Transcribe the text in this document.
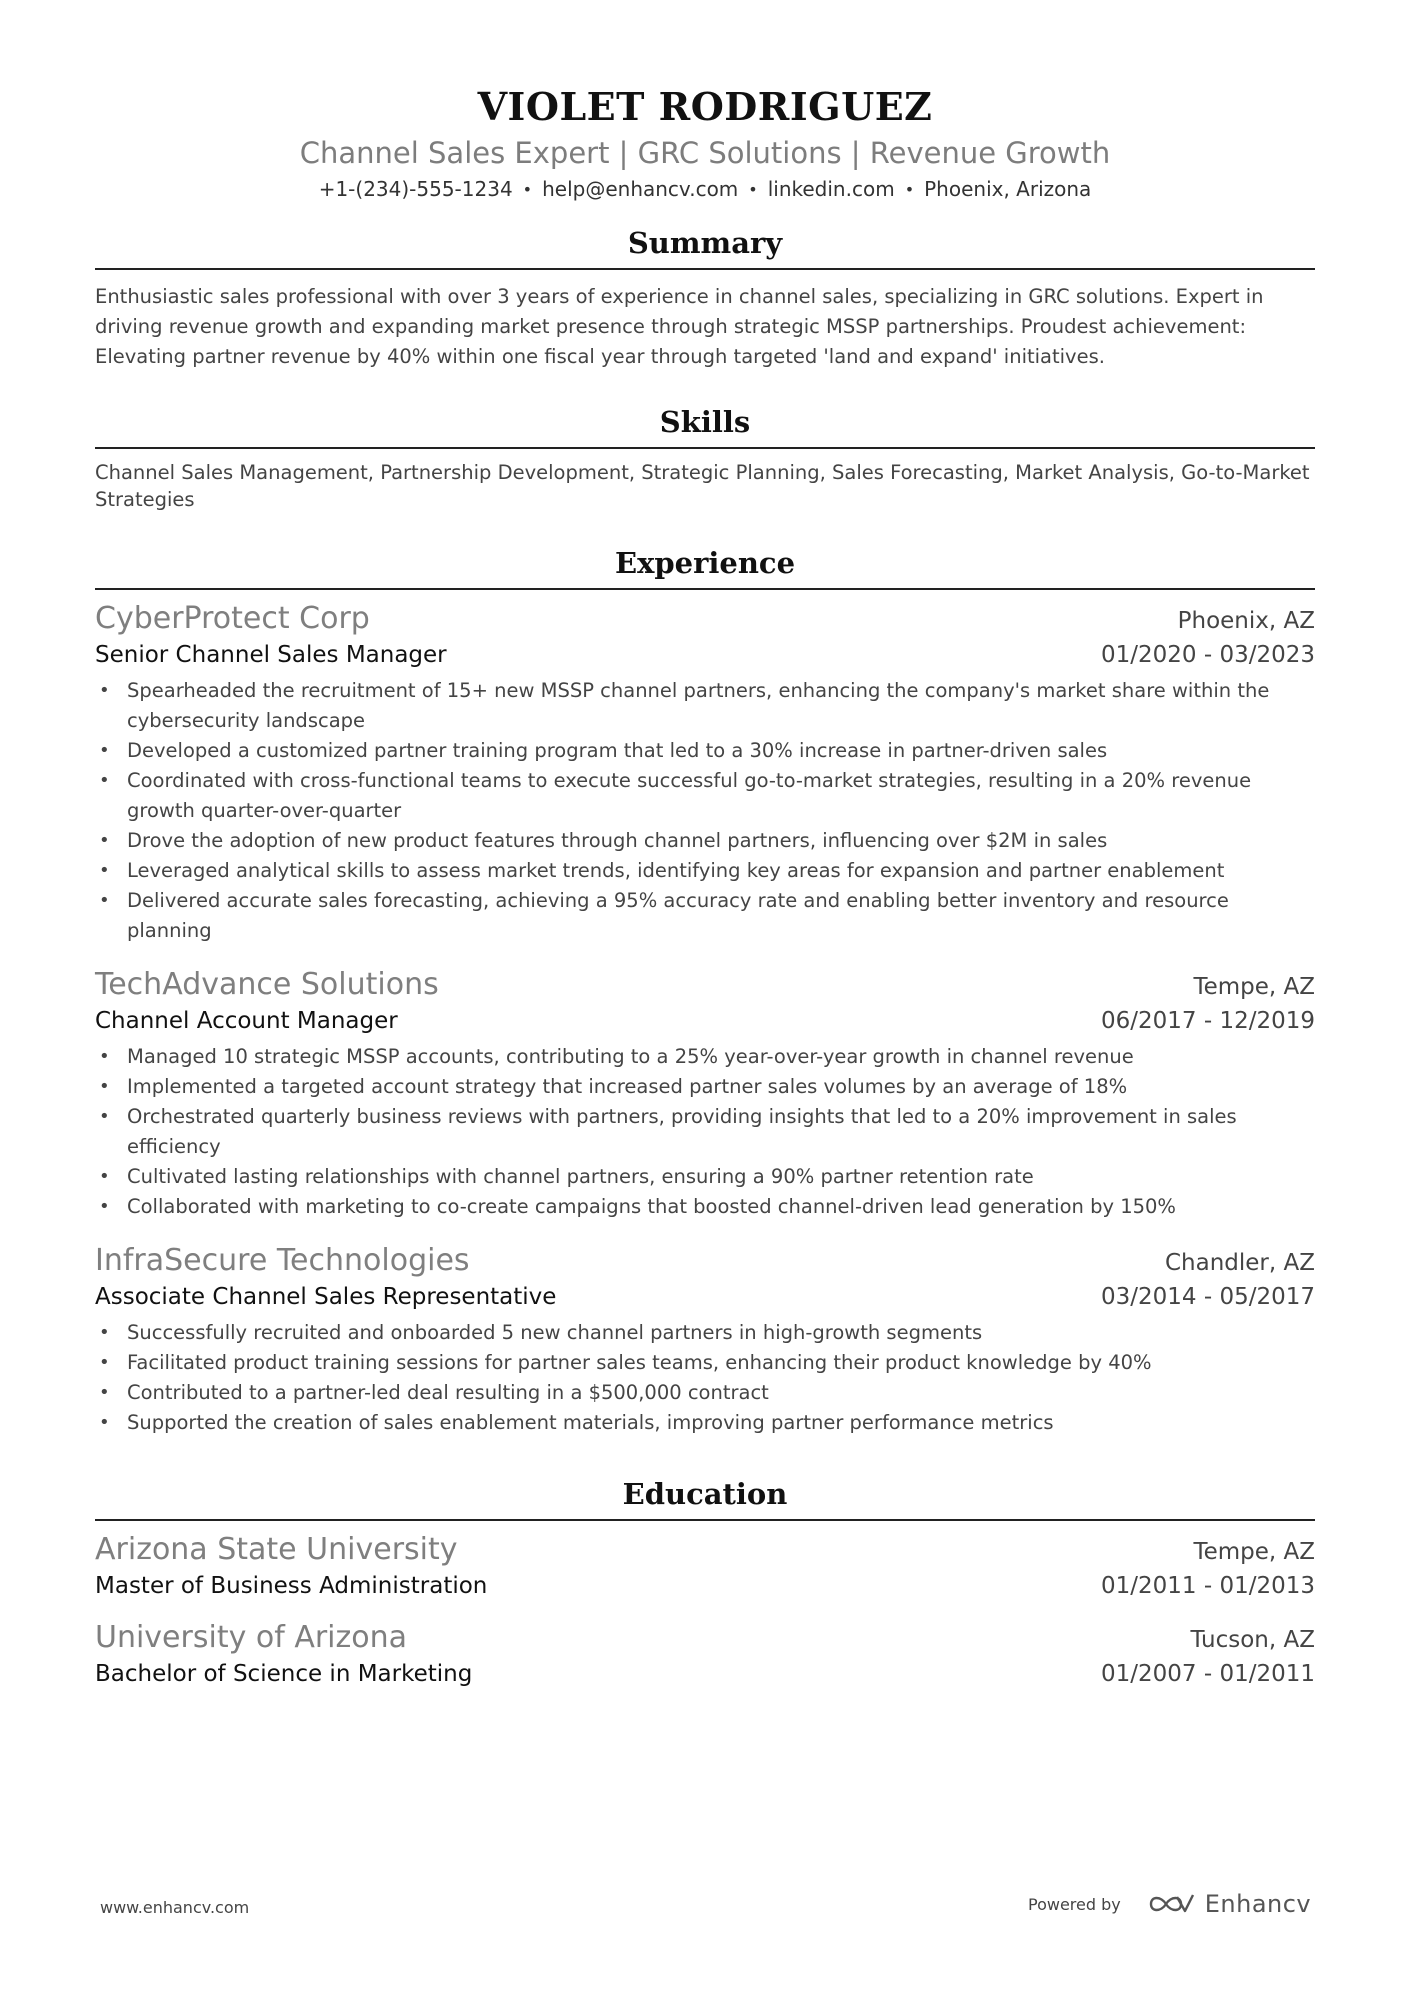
VIOLET RODRIGUEZ
Channel Sales Expert | GRC Solutions | Revenue Growth
+1-(234)-555-1234 • help@enhancv.com • linkedin.com • Phoenix, Arizona
Summary
Enthusiastic sales professional with over 3 years of experience in channel sales, specializing in GRC solutions. Expert in driving revenue growth and expanding market presence through strategic MSSP partnerships. Proudest achievement: Elevating partner revenue by 40% within one fiscal year through targeted 'land and expand' initiatives.
Skills
Channel Sales Management, Partnership Development, Strategic Planning, Sales Forecasting, Market Analysis, Go-to-Market Strategies
Experience
CyberProtect Corp	Phoenix, AZ
Senior Channel Sales Manager	01/2020 - 03/2023
• Spearheaded the recruitment of 15+ new MSSP channel partners, enhancing the company's market share within the cybersecurity landscape
• Developed a customized partner training program that led to a 30% increase in partner-driven sales
• Coordinated with cross-functional teams to execute successful go-to-market strategies, resulting in a 20% revenue growth quarter-over-quarter
• Drove the adoption of new product features through channel partners, influencing over $2M in sales
• Leveraged analytical skills to assess market trends, identifying key areas for expansion and partner enablement
• Delivered accurate sales forecasting, achieving a 95% accuracy rate and enabling better inventory and resource planning
TechAdvance Solutions	Tempe, AZ
Channel Account Manager	06/2017 - 12/2019
• Managed 10 strategic MSSP accounts, contributing to a 25% year-over-year growth in channel revenue
• Implemented a targeted account strategy that increased partner sales volumes by an average of 18%
• Orchestrated quarterly business reviews with partners, providing insights that led to a 20% improvement in sales efficiency
• Cultivated lasting relationships with channel partners, ensuring a 90% partner retention rate
• Collaborated with marketing to co-create campaigns that boosted channel-driven lead generation by 150%
InfraSecure Technologies	Chandler, AZ
Associate Channel Sales Representative	03/2014 - 05/2017
• Successfully recruited and onboarded 5 new channel partners in high-growth segments
• Facilitated product training sessions for partner sales teams, enhancing their product knowledge by 40%
• Contributed to a partner-led deal resulting in a $500,000 contract
• Supported the creation of sales enablement materials, improving partner performance metrics
Education
Arizona State University	Tempe, AZ
Master of Business Administration	01/2011 - 01/2013
University of Arizona	Tucson, AZ
Bachelor of Science in Marketing	01/2007 - 01/2011
www.enhancv.com	Powered by	Enhancv
